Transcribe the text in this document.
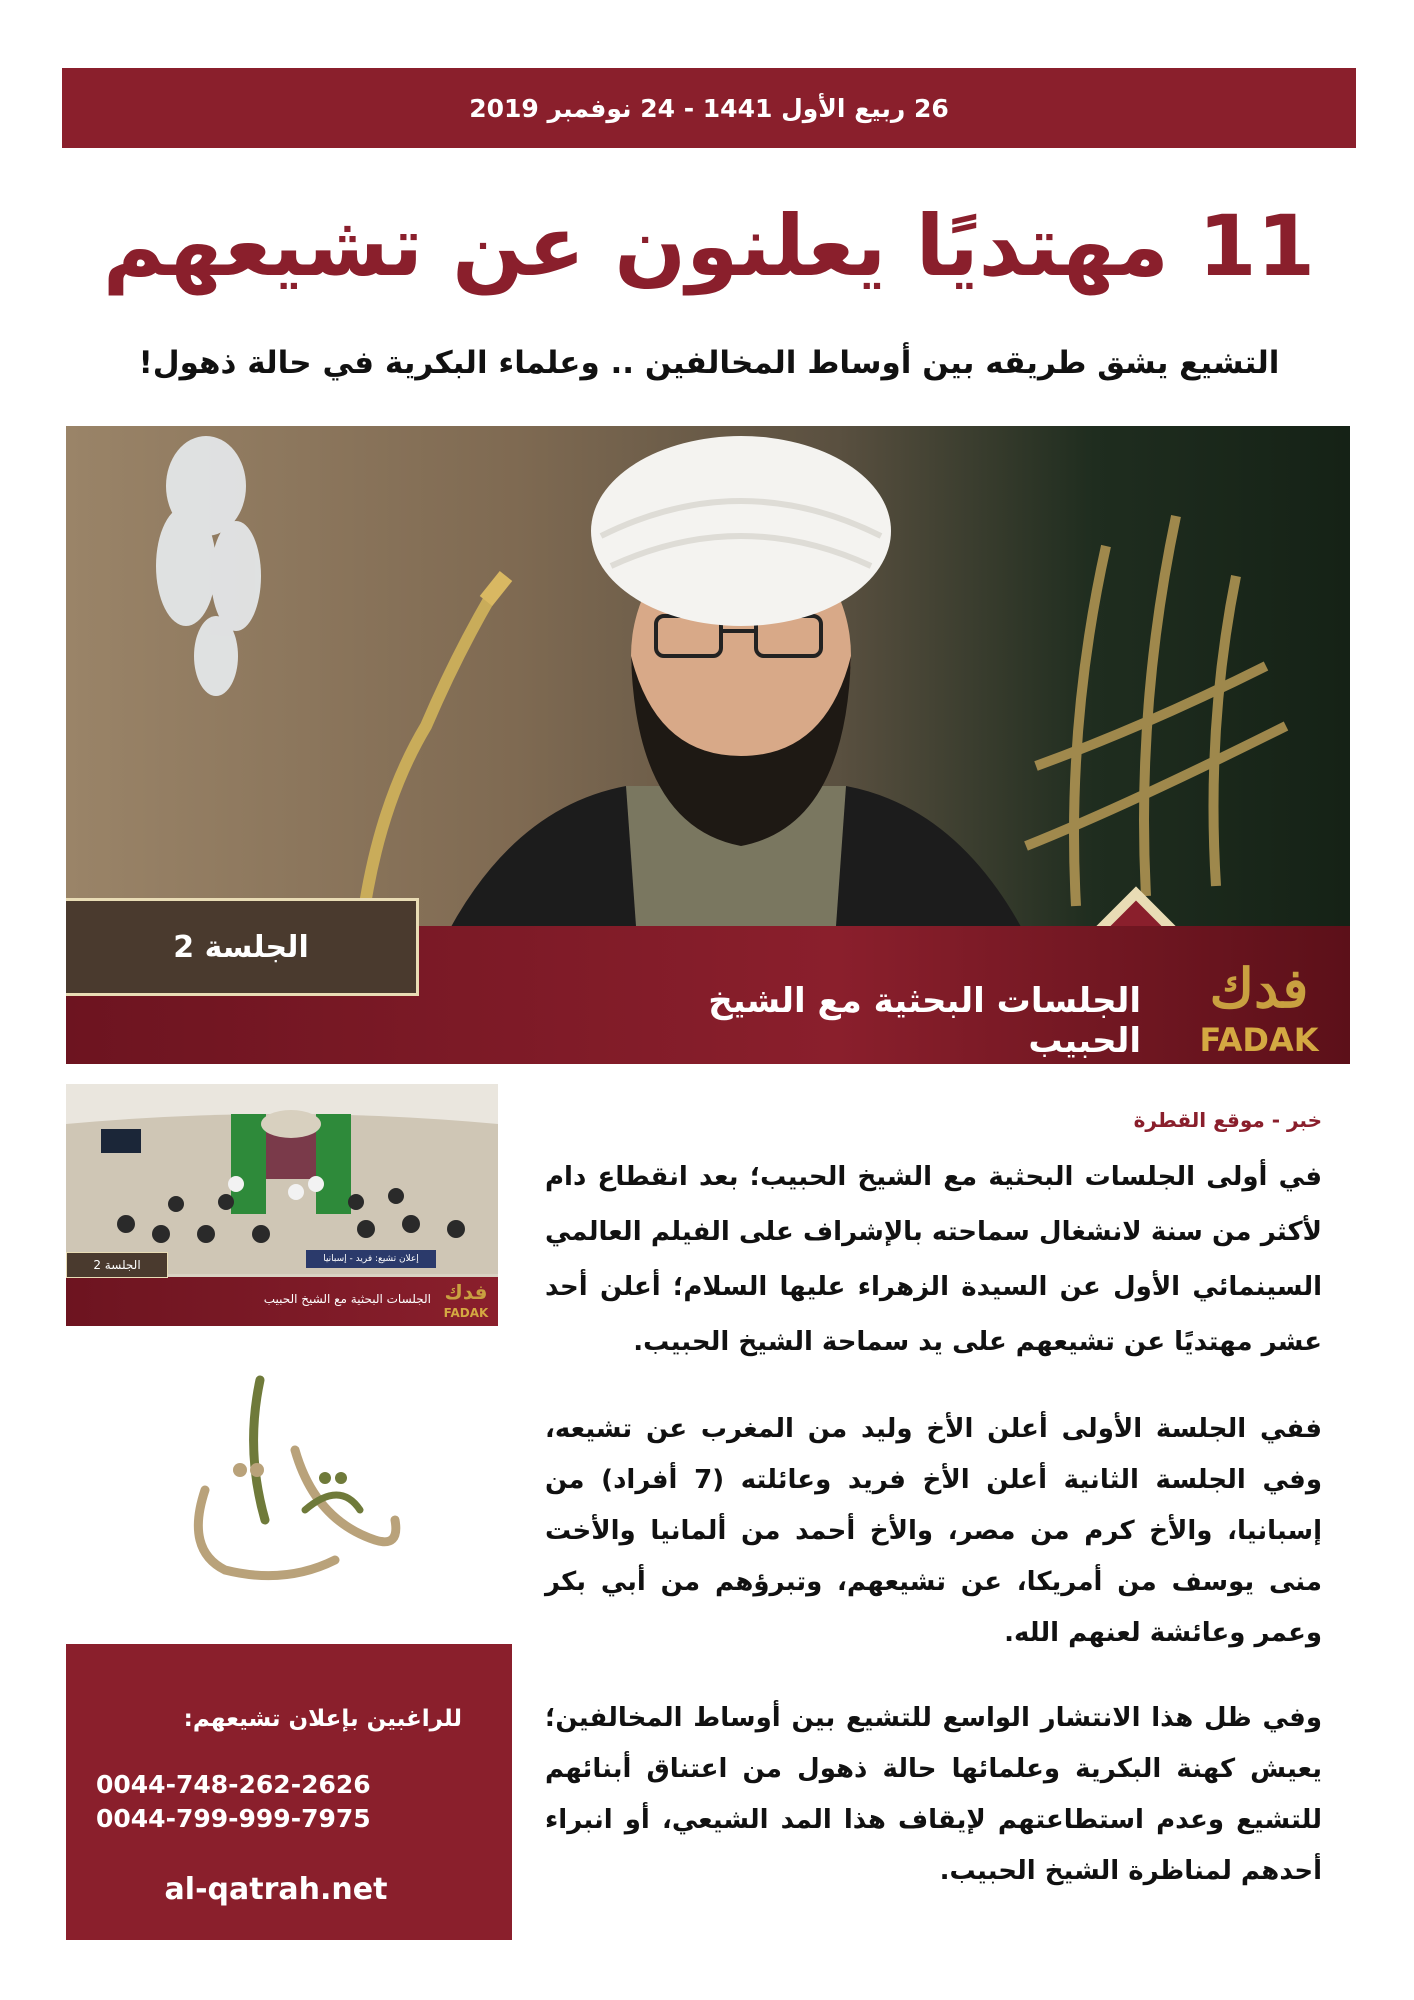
26 ربيع الأول 1441 - 24 نوفمبر 2019
11 مهتديًا يعلنون عن تشيعهم
التشيع يشق طريقه بين أوساط المخالفين .. وعلماء البكرية في حالة ذهول!
الجلسة 2
الجلسات البحثية مع الشيخ الحبيب
فدك
FADAK
إعلان تشيع: فريد - إسبانيا
الجلسة 2
الجلسات البحثية مع الشيخ الحبيب فدك
FADAK
للراغبين بإعلان تشيعهم:
0044-748-262-2626
0044-799-999-7975
al-qatrah.net
خبر - موقع القطرة

في أولى الجلسات البحثية مع الشيخ الحبيب؛ بعد انقطاع دام لأكثر من سنة لانشغال سماحته بالإشراف على الفيلم العالمي السينمائي الأول عن السيدة الزهراء عليها السلام؛ أعلن أحد عشر مهتديًا عن تشيعهم على يد سماحة الشيخ الحبيب.

ففي الجلسة الأولى أعلن الأخ وليد من المغرب عن تشيعه، وفي الجلسة الثانية أعلن الأخ فريد وعائلته (7 أفراد) من إسبانيا، والأخ كرم من مصر، والأخ أحمد من ألمانيا والأخت منى يوسف من أمريكا، عن تشيعهم، وتبرؤهم من أبي بكر وعمر وعائشة لعنهم الله.

وفي ظل هذا الانتشار الواسع للتشيع بين أوساط المخالفين؛ يعيش كهنة البكرية وعلمائها حالة ذهول من اعتناق أبنائهم للتشيع وعدم استطاعتهم لإيقاف هذا المد الشيعي، أو انبراء أحدهم لمناظرة الشيخ الحبيب.
